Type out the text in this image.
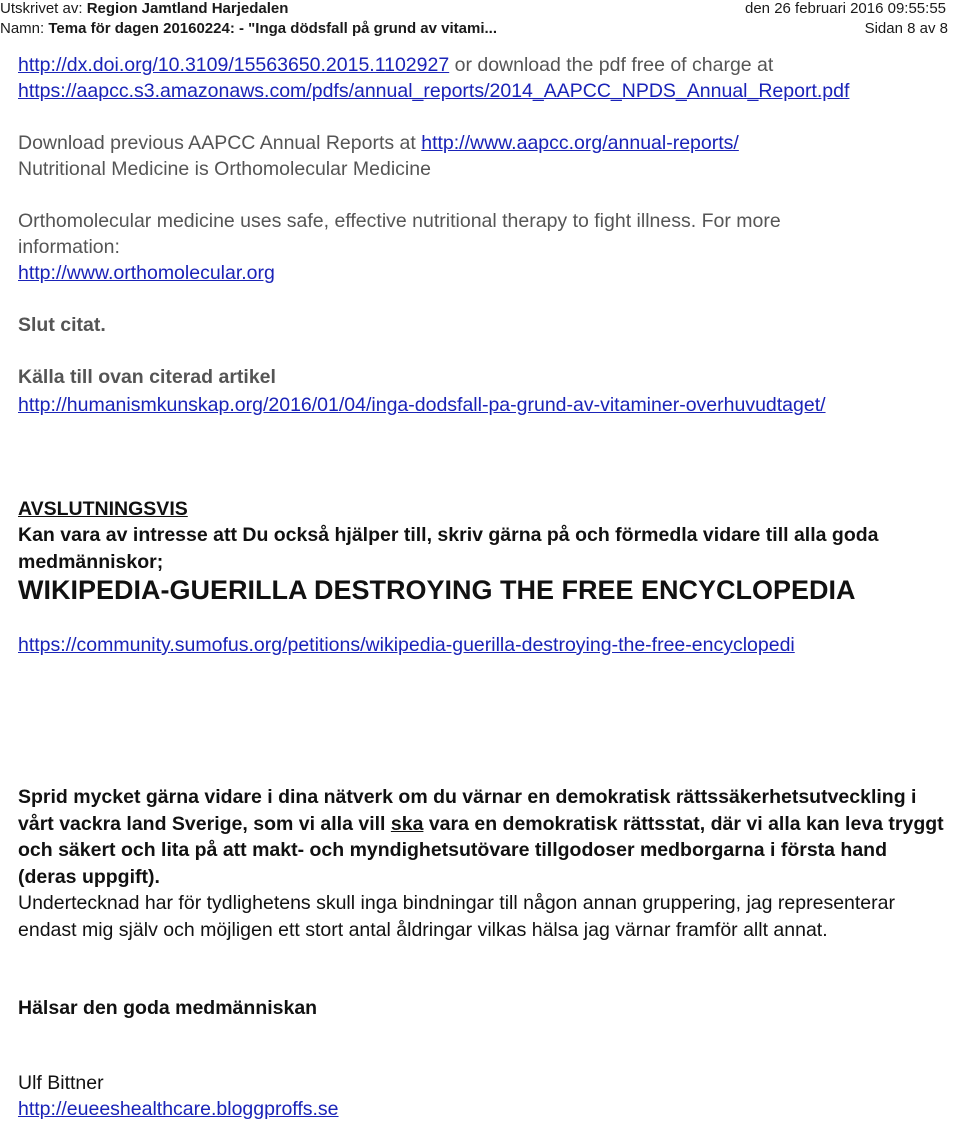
Utskrivet av: Region Jamtland Harjedalen	den 26 februari 2016 09:55:55
Namn: Tema för dagen 20160224: - "Inga dödsfall på grund av vitami...	Sidan 8 av 8
http://dx.doi.org/10.3109/15563650.2015.1102927 or download the pdf free of charge at
https://aapcc.s3.amazonaws.com/pdfs/annual_reports/2014_AAPCC_NPDS_Annual_Report.pdf
Download previous AAPCC Annual Reports at http://www.aapcc.org/annual-reports/
Nutritional Medicine is Orthomolecular Medicine
Orthomolecular medicine uses safe, effective nutritional therapy to fight illness. For more
information:
http://www.orthomolecular.org
Slut citat.
Källa till ovan citerad artikel
http://humanismkunskap.org/2016/01/04/inga-dodsfall-pa-grund-av-vitaminer-overhuvudtaget/
AVSLUTNINGSVIS
Kan vara av intresse att Du också hjälper till, skriv gärna på och förmedla vidare till alla goda medmänniskor;
WIKIPEDIA-GUERILLA DESTROYING THE FREE ENCYCLOPEDIA
https://community.sumofus.org/petitions/wikipedia-guerilla-destroying-the-free-encyclopedi
Sprid mycket gärna vidare i dina nätverk om du värnar en demokratisk rättssäkerhetsutveckling i vårt vackra land Sverige, som vi alla vill ska vara en demokratisk rättsstat, där vi alla kan leva tryggt och säkert och lita på att makt- och myndighetsutövare tillgodoser medborgarna i första hand (deras uppgift).
Undertecknad har för tydlighetens skull inga bindningar till någon annan gruppering, jag representerar endast mig själv och möjligen ett stort antal åldringar vilkas hälsa jag värnar framför allt annat.
Hälsar den goda medmänniskan
Ulf Bittner
http://eueeshealthcare.bloggproffs.se
